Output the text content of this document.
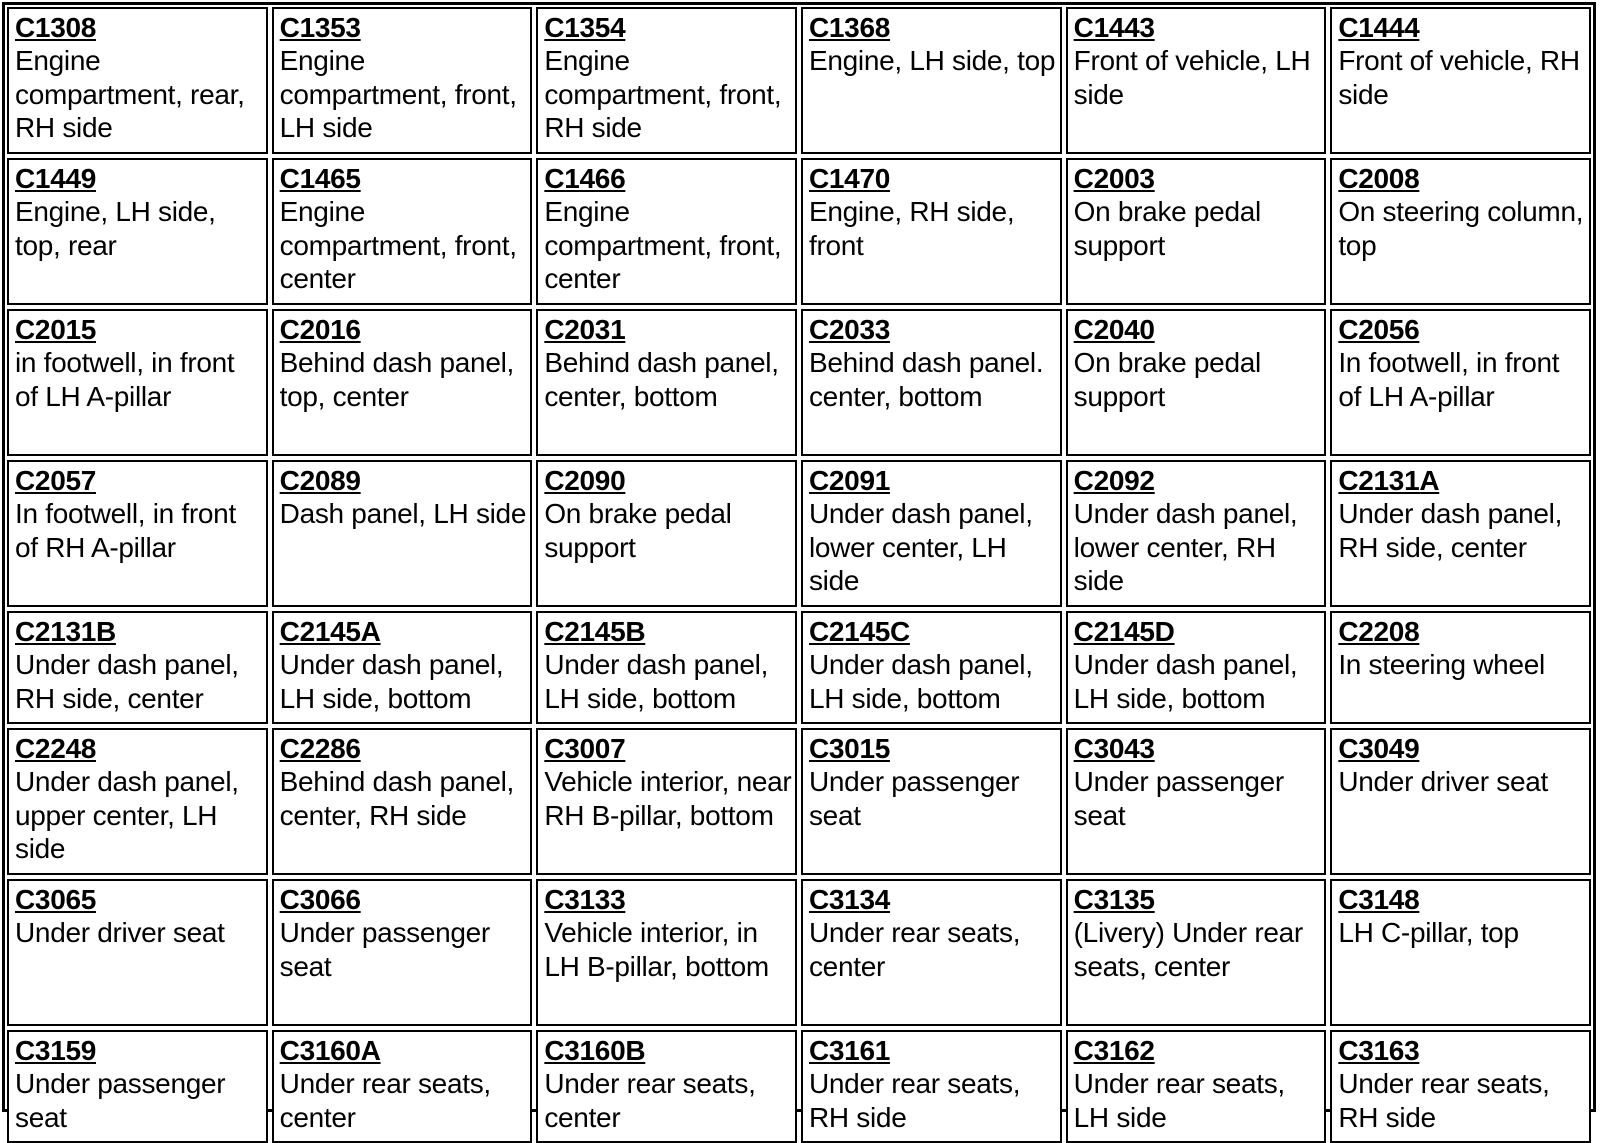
C1308
Engine compartment, rear, RH side
C1353
Engine compartment, front, LH side
C1354
Engine compartment, front, RH side
C1368
Engine, LH side, top
C1443
Front of vehicle, LH side
C1444
Front of vehicle, RH side
C1449
Engine, LH side, top, rear
C1465
Engine compartment, front, center
C1466
Engine compartment, front, center
C1470
Engine, RH side, front
C2003
On brake pedal support
C2008
On steering column, top
C2015
in footwell, in front of LH A-pillar
C2016
Behind dash panel, top, center
C2031
Behind dash panel, center, bottom
C2033
Behind dash panel. center, bottom
C2040
On brake pedal support
C2056
In footwell, in front of LH A-pillar
C2057
In footwell, in front of RH A-pillar
C2089
Dash panel, LH side
C2090
On brake pedal support
C2091
Under dash panel, lower center, LH side
C2092
Under dash panel, lower center, RH side
C2131A
Under dash panel, RH side, center
C2131B
Under dash panel, RH side, center
C2145A
Under dash panel, LH side, bottom
C2145B
Under dash panel, LH side, bottom
C2145C
Under dash panel, LH side, bottom
C2145D
Under dash panel, LH side, bottom
C2208
In steering wheel
C2248
Under dash panel, upper center, LH side
C2286
Behind dash panel, center, RH side
C3007
Vehicle interior, near RH B-pillar, bottom
C3015
Under passenger seat
C3043
Under passenger seat
C3049
Under driver seat
C3065
Under driver seat
C3066
Under passenger seat
C3133
Vehicle interior, in LH B-pillar, bottom
C3134
Under rear seats, center
C3135
(Livery) Under rear seats, center
C3148
LH C-pillar, top
C3159
Under passenger seat
C3160A
Under rear seats, center
C3160B
Under rear seats, center
C3161
Under rear seats, RH side
C3162
Under rear seats, LH side
C3163
Under rear seats, RH side
